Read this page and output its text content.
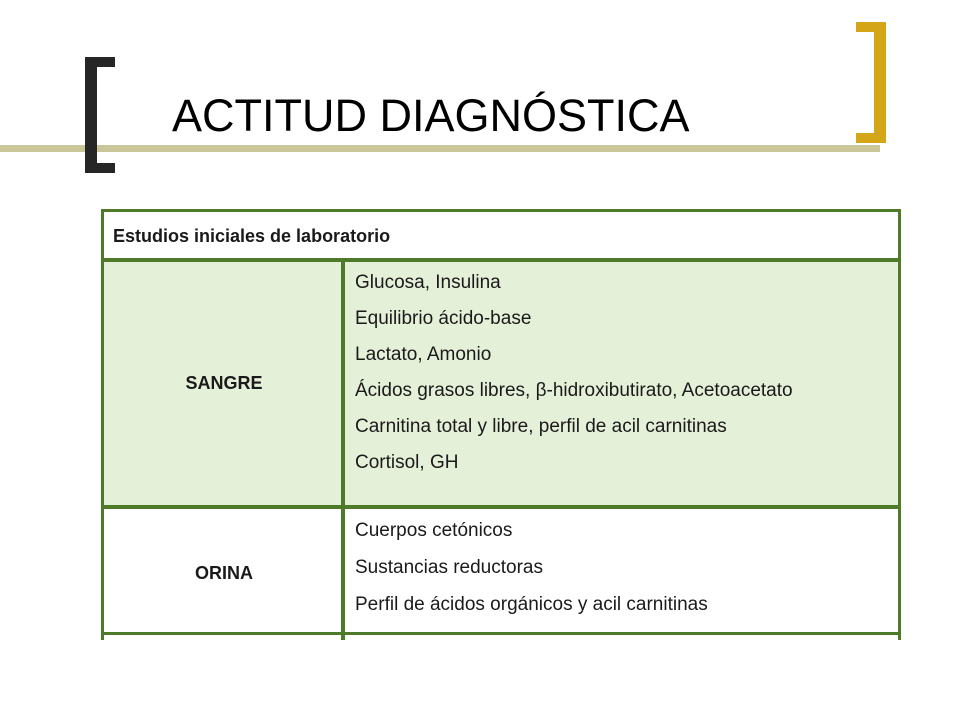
ACTITUD DIAGNÓSTICA
Estudios iniciales de laboratorio
SANGRE
Glucosa, Insulina
Equilibrio ácido-base
Lactato, Amonio
Ácidos grasos libres, β-hidroxibutirato, Acetoacetato
Carnitina total y libre, perfil de acil carnitinas
Cortisol, GH
ORINA
Cuerpos cetónicos
Sustancias reductoras
Perfil de ácidos orgánicos y acil carnitinas
